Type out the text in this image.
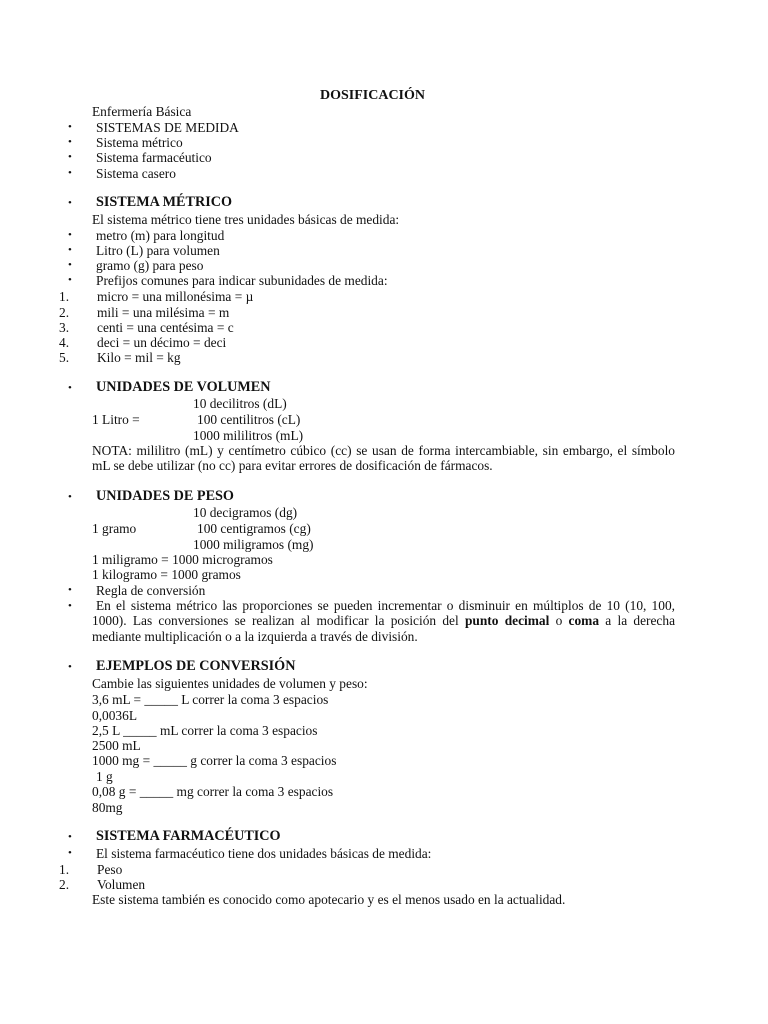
DOSIFICACIÓN
Enfermería Básica
• SISTEMAS DE MEDIDA
• Sistema métrico
• Sistema farmacéutico
• Sistema casero
• SISTEMA MÉTRICO
El sistema métrico tiene tres unidades básicas de medida:
• metro (m) para longitud
• Litro (L) para volumen
• gramo (g) para peso
• Prefijos comunes para indicar subunidades de medida:
1. micro = una millonésima = µ
2. mili = una milésima = m
3. centi = una centésima = c
4. deci = un décimo = deci
5. Kilo = mil = kg
• UNIDADES DE VOLUMEN
10 decilitros (dL)
1 Litro =	100 centilitros (cL)
1000 mililitros (mL)
NOTA: mililitro (mL) y centímetro cúbico (cc) se usan de forma intercambiable, sin embargo, el símbolo mL se debe utilizar (no cc) para evitar errores de dosificación de fármacos.
• UNIDADES DE PESO
10 decigramos (dg)
1 gramo	100 centigramos (cg)
1000 miligramos (mg)
1 miligramo = 1000 microgramos
1 kilogramo = 1000 gramos
• Regla de conversión
• En el sistema métrico las proporciones se pueden incrementar o disminuir en múltiplos de 10 (10, 100, 1000). Las conversiones se realizan al modificar la posición del punto decimal o coma a la derecha mediante multiplicación o a la izquierda a través de división.
• EJEMPLOS DE CONVERSIÓN
Cambie las siguientes unidades de volumen y peso:
3,6 mL = _____ L correr la coma 3 espacios
0,0036L
2,5 L _____ mL correr la coma 3 espacios
2500 mL
1000 mg = _____ g correr la coma 3 espacios
1 g
0,08 g = _____ mg correr la coma 3 espacios
80mg
• SISTEMA FARMACÉUTICO
• El sistema farmacéutico tiene dos unidades básicas de medida:
1. Peso
2. Volumen
Este sistema también es conocido como apotecario y es el menos usado en la actualidad.
